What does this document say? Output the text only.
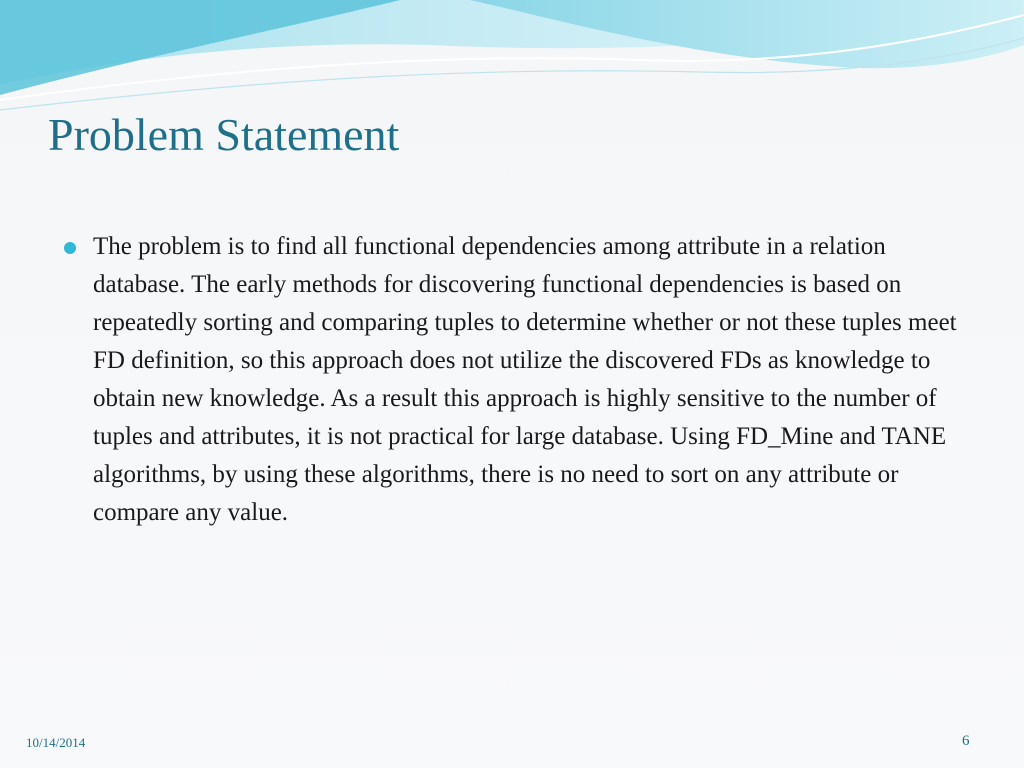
Problem Statement
The problem is to find all functional dependencies among attribute in a relation database. The early methods for discovering functional dependencies is based on repeatedly sorting and comparing tuples to determine whether or not these tuples meet FD definition, so this approach does not utilize the discovered FDs as knowledge to obtain new knowledge. As a result this approach is highly sensitive to the number of tuples and attributes, it is not practical for large database. Using FD_Mine and TANE algorithms, by using these algorithms, there is no need to sort on any attribute or compare any value.
10/14/2014	6
